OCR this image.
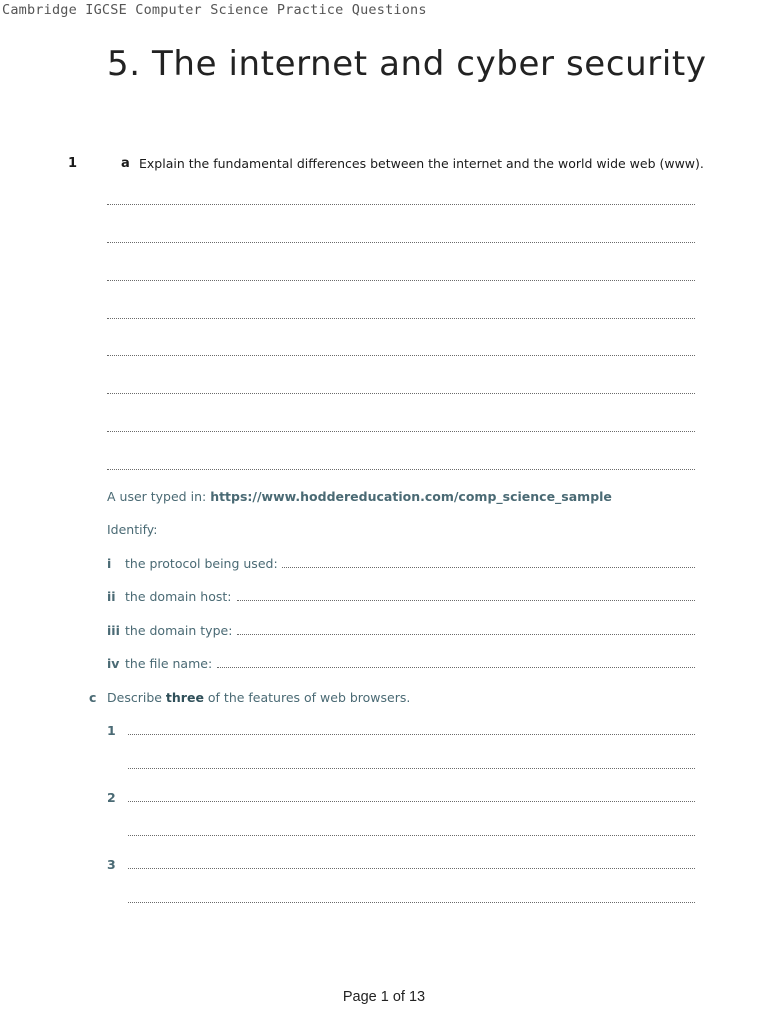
Cambridge IGCSE Computer Science Practice Questions
5. The internet and cyber security
1	a Explain the fundamental differences between the internet and the world wide web (www).
A user typed in: https://www.hoddereducation.com/comp_science_sample
Identify:
i the protocol being used:
ii the domain host:
iii the domain type:
iv the file name:
c Describe three of the features of web browsers.
1
2
3
Page 1 of 13
